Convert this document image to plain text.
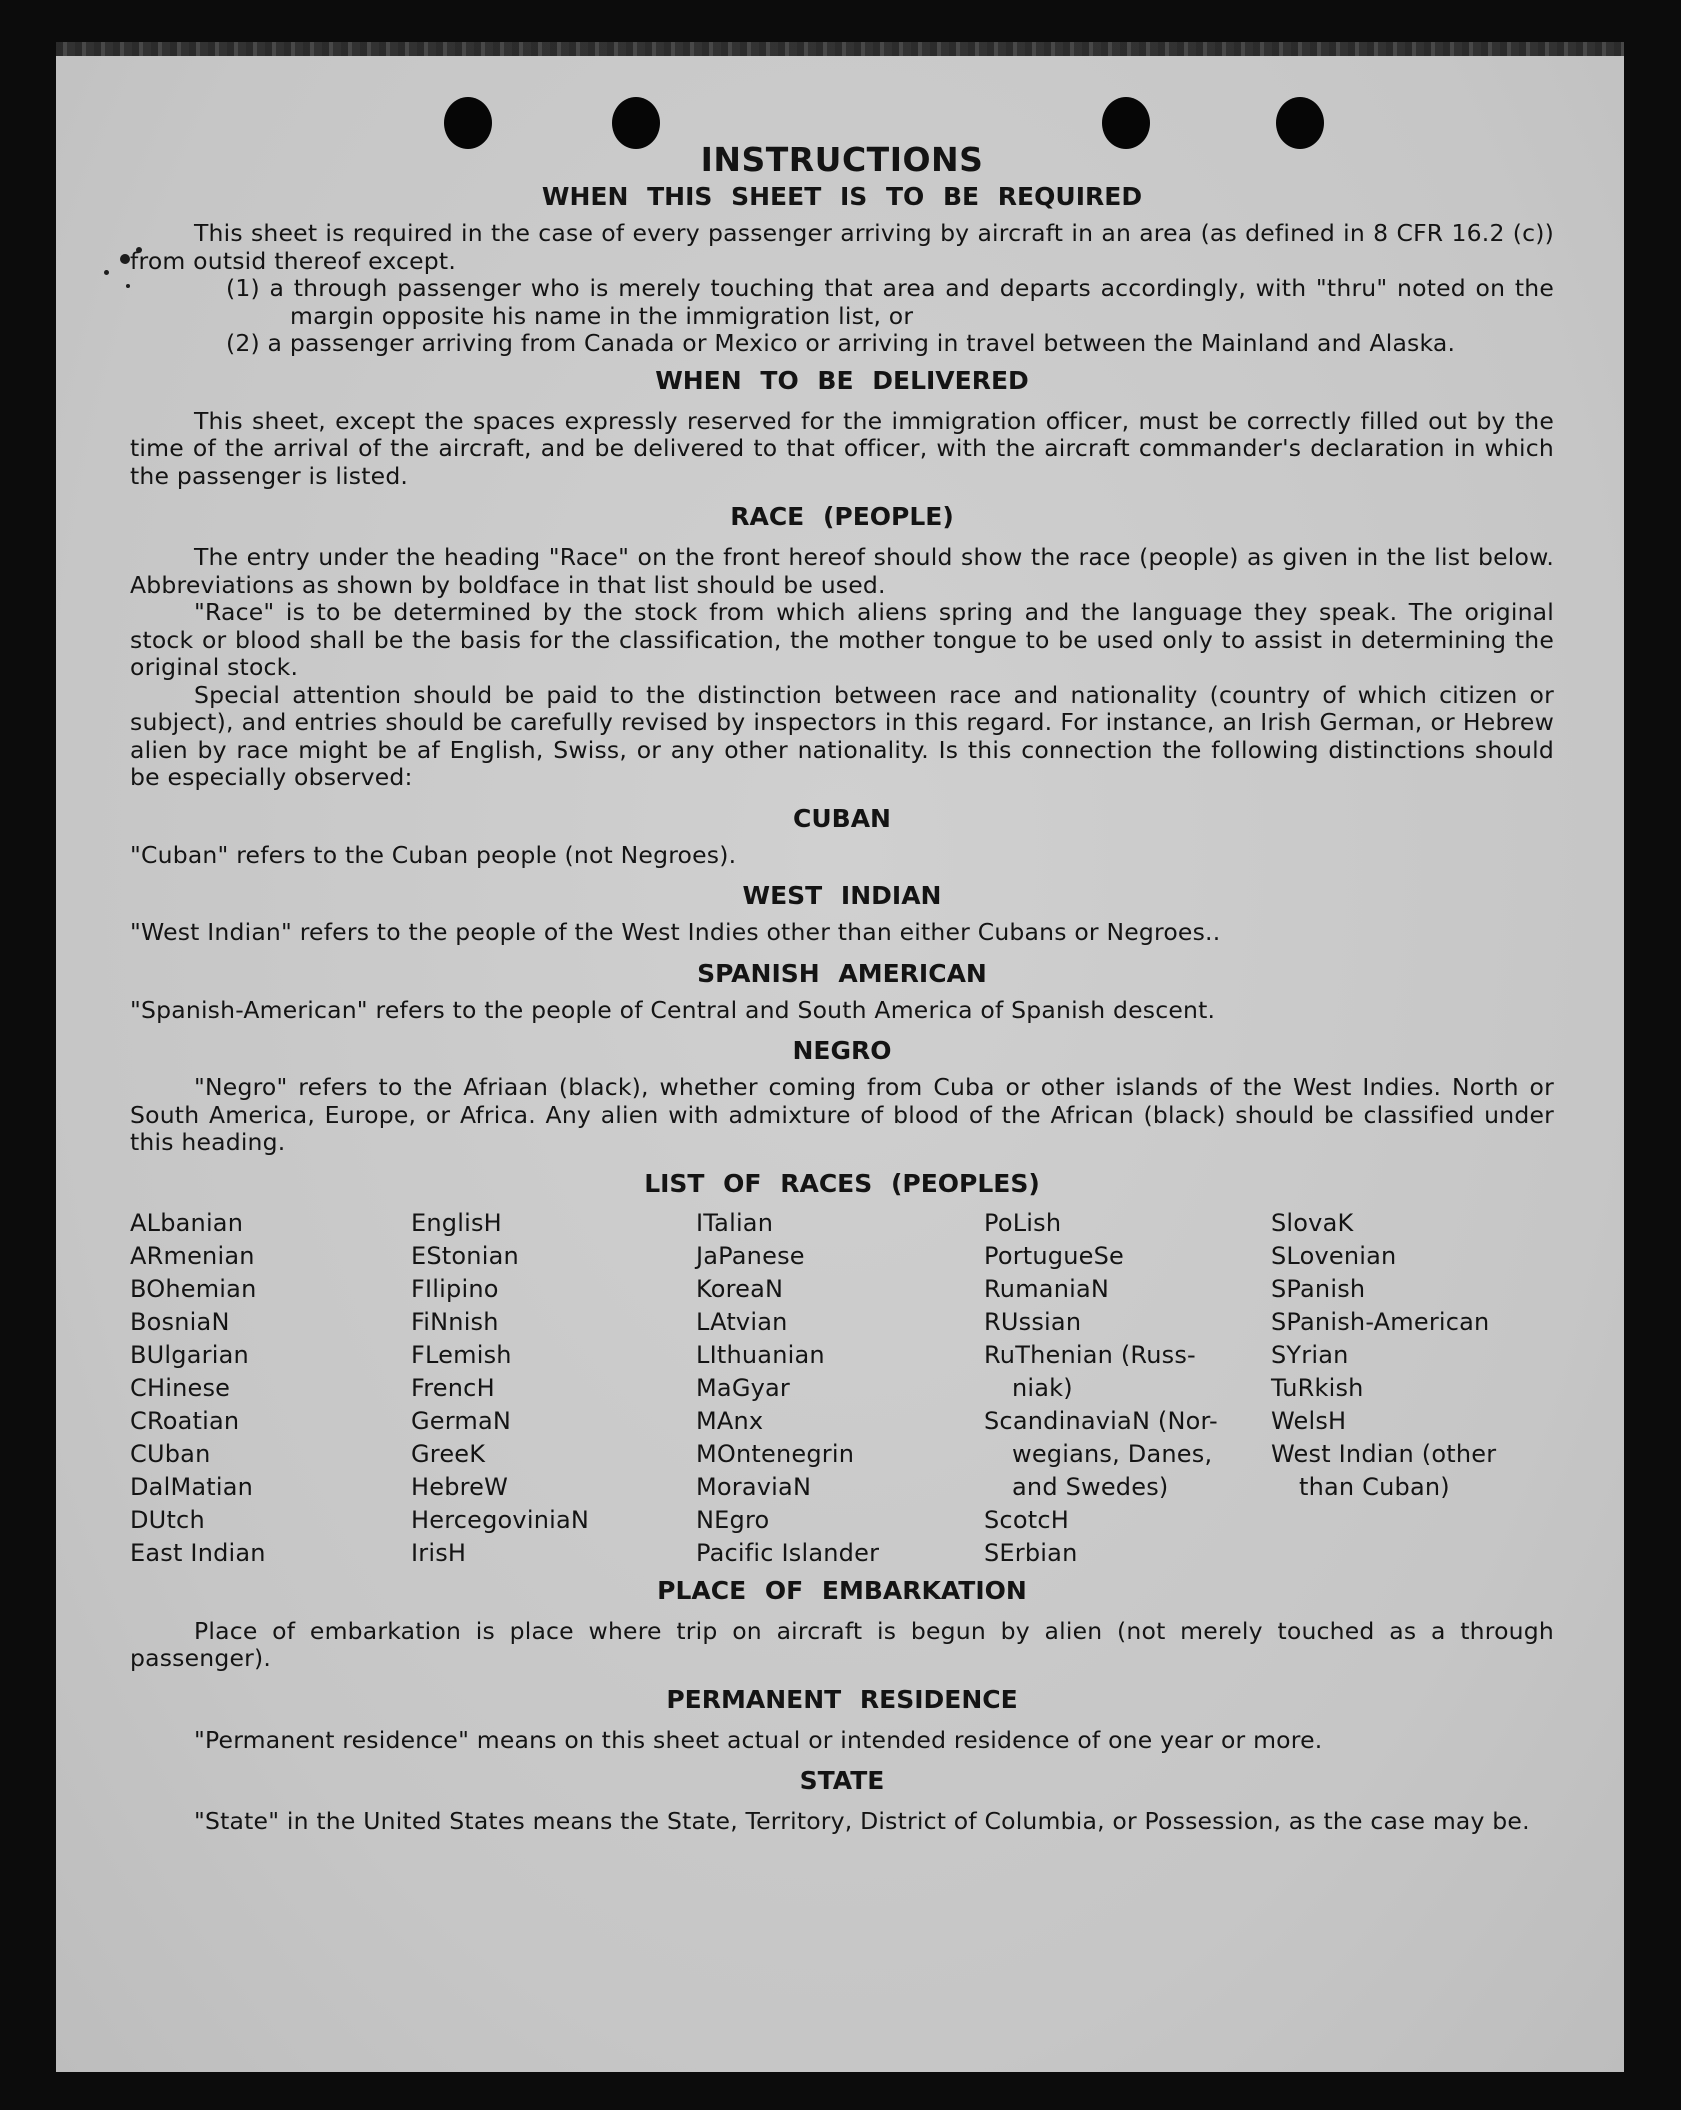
INSTRUCTIONS
WHEN THIS SHEET IS TO BE REQUIRED

This sheet is required in the case of every passenger arriving by aircraft in an area (as defined in 8 CFR 16.2 (c)) from outsid thereof except.

(1) a through passenger who is merely touching that area and departs accordingly, with "thru" noted on the margin opposite his name in the immigration list, or

(2) a passenger arriving from Canada or Mexico or arriving in travel between the Mainland and Alaska.

WHEN TO BE DELIVERED

This sheet, except the spaces expressly reserved for the immigration officer, must be correctly filled out by the time of the arrival of the aircraft, and be delivered to that officer, with the aircraft commander's declaration in which the passenger is listed.

RACE (PEOPLE)

The entry under the heading "Race" on the front hereof should show the race (people) as given in the list below. Abbreviations as shown by boldface in that list should be used.

"Race" is to be determined by the stock from which aliens spring and the language they speak. The original stock or blood shall be the basis for the classification, the mother tongue to be used only to assist in determining the original stock.

Special attention should be paid to the distinction between race and nationality (country of which citizen or subject), and entries should be carefully revised by inspectors in this regard. For instance, an Irish German, or Hebrew alien by race might be af English, Swiss, or any other nationality. Is this connection the following distinctions should be especially observed:

CUBAN

"Cuban" refers to the Cuban people (not Negroes).

WEST INDIAN

"West Indian" refers to the people of the West Indies other than either Cubans or Negroes..

SPANISH AMERICAN

"Spanish-American" refers to the people of Central and South America of Spanish descent.

NEGRO

"Negro" refers to the Afriaan (black), whether coming from Cuba or other islands of the West Indies. North or South America, Europe, or Africa. Any alien with admixture of blood of the African (black) should be classified under this heading.

LIST OF RACES (PEOPLES)
ALbanian
ARmenian
BOhemian
BosniaN
BUlgarian
CHinese
CRoatian
CUban
DalMatian
DUtch
East Indian
EnglisH
EStonian
FIlipino
FiNnish
FLemish
FrencH
GermaN
GreeK
HebreW
HercegoviniaN
IrisH
ITalian
JaPanese
KoreaN
LAtvian
LIthuanian
MaGyar
MAnx
MOntenegrin
MoraviaN
NEgro
Pacific Islander
PoLish
PortugueSe
RumaniaN
RUssian
RuThenian (Russ-
niak)
ScandinaviaN (Nor-
wegians, Danes,
and Swedes)
ScotcH
SErbian
SlovaK
SLovenian
SPanish
SPanish-American
SYrian
TuRkish
WelsH
West Indian (other
than Cuban)
PLACE OF EMBARKATION

Place of embarkation is place where trip on aircraft is begun by alien (not merely touched as a through passenger).

PERMANENT RESIDENCE

"Permanent residence" means on this sheet actual or intended residence of one year or more.

STATE

"State" in the United States means the State, Territory, District of Columbia, or Possession, as the case may be.
